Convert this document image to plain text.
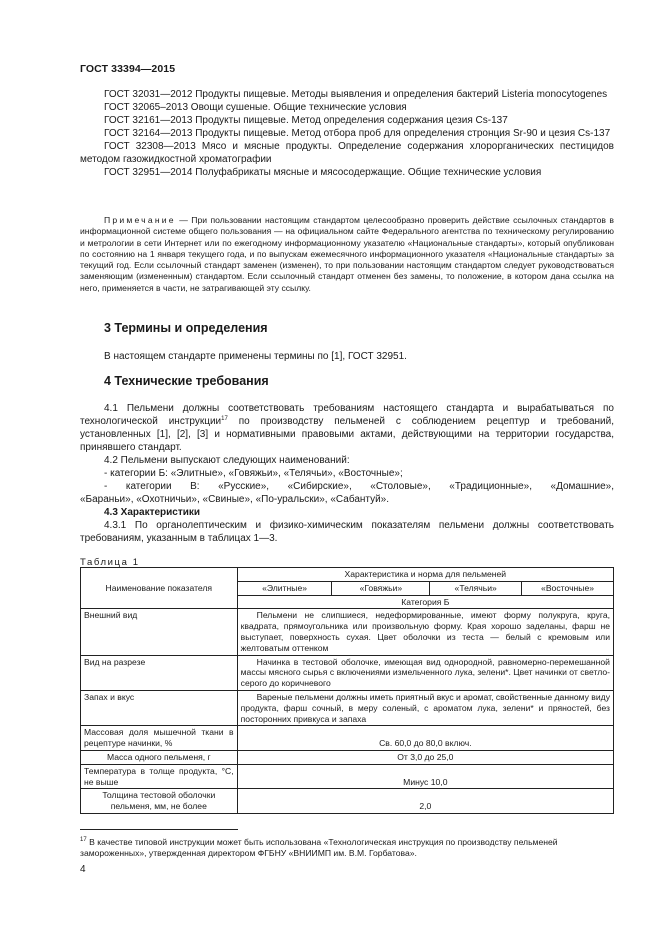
ГОСТ 33394—2015

ГОСТ 32031—2012 Продукты пищевые. Методы выявления и определения бактерий Listeria monocytogenes

ГОСТ 32065–2013 Овощи сушеные. Общие технические условия

ГОСТ 32161—2013 Продукты пищевые. Метод определения содержания цезия Cs-137

ГОСТ 32164—2013 Продукты пищевые. Метод отбора проб для определения стронция Sr-90 и цезия Cs-137

ГОСТ 32308—2013 Мясо и мясные продукты. Определение содержания хлорорганических пестицидов методом газожидкостной хроматографии

ГОСТ 32951—2014 Полуфабрикаты мясные и мясосодержащие. Общие технические условия

Примечание — При пользовании настоящим стандартом целесообразно проверить действие ссылочных стандартов в информационной системе общего пользования — на официальном сайте Федерального агентства по техническому регулированию и метрологии в сети Интернет или по ежегодному информационному указателю «Национальные стандарты», который опубликован по состоянию на 1 января текущего года, и по выпускам ежемесячного информационного указателя «Национальные стандарты» за текущий год. Если ссылочный стандарт заменен (изменен), то при пользовании настоящим стандартом следует руководствоваться заменяющим (измененным) стандартом. Если ссылочный стандарт отменен без замены, то положение, в котором дана ссылка на него, применяется в части, не затрагивающей эту ссылку.
3 Термины и определения

В настоящем стандарте применены термины по [1], ГОСТ 32951.

4 Технические требования

4.1 Пельмени должны соответствовать требованиям настоящего стандарта и вырабатываться по технологической инструкции$^{17}$ по производству пельменей с соблюдением рецептур и требований, установленных [1], [2], [3] и нормативными правовыми актами, действующими на территории государства, принявшего стандарт.

4.2 Пельмени выпускают следующих наименований:

- категории Б: «Элитные», «Говяжьи», «Телячьи», «Восточные»;

- категории В: «Русские», «Сибирские», «Столовые», «Традиционные», «Домашние»,

«Бараньи», «Охотничьи», «Свиные», «По-уральски», «Сабантуй».

4.3 Характеристики

4.3.1 По органолептическим и физико-химическим показателям пельмени должны соответствовать требованиям, указанным в таблицах 1—3.

Таблица 1
Наименование показателя	Характеристика и норма для пельменей			
	«Элитные»	«Говяжьи»	«Телячьи»	«Восточные»
	Категория Б			
Внешний вид	Пельмени не слипшиеся, недеформированные, имеют форму полукруга, круга, квадрата, прямоугольника или произвольную форму. Края хорошо заделаны, фарш не выступает, поверхность сухая. Цвет оболочки из теста — белый с кремовым или желтоватым оттенком			
Вид на разрезе	Начинка в тестовой оболочке, имеющая вид однородной, равномерно-перемешанной массы мясного сырья с включениями измельченного лука, зелени*. Цвет начинки от светло-серого до коричневого			
Запах и вкус	Вареные пельмени должны иметь приятный вкус и аромат, свойственные данному виду продукта, фарш сочный, в меру соленый, с ароматом лука, зелени* и пряностей, без посторонних привкуса и запаха			
Массовая доля мышечной ткани в рецептуре начинки, %	Св. 60,0 до 80,0 включ.			
Масса одного пельменя, г	От 3,0 до 25,0			
Температура в толще продукта, °С, не выше	Минус 10,0			
Толщина тестовой оболочки пельменя, мм, не более	2,0			
$^{17}$ В качестве типовой инструкции может быть использована «Технологическая инструкция по производству пельменей замороженных», утвержденная директором ФГБНУ «ВНИИМП им. В.М. Горбатова».
4
